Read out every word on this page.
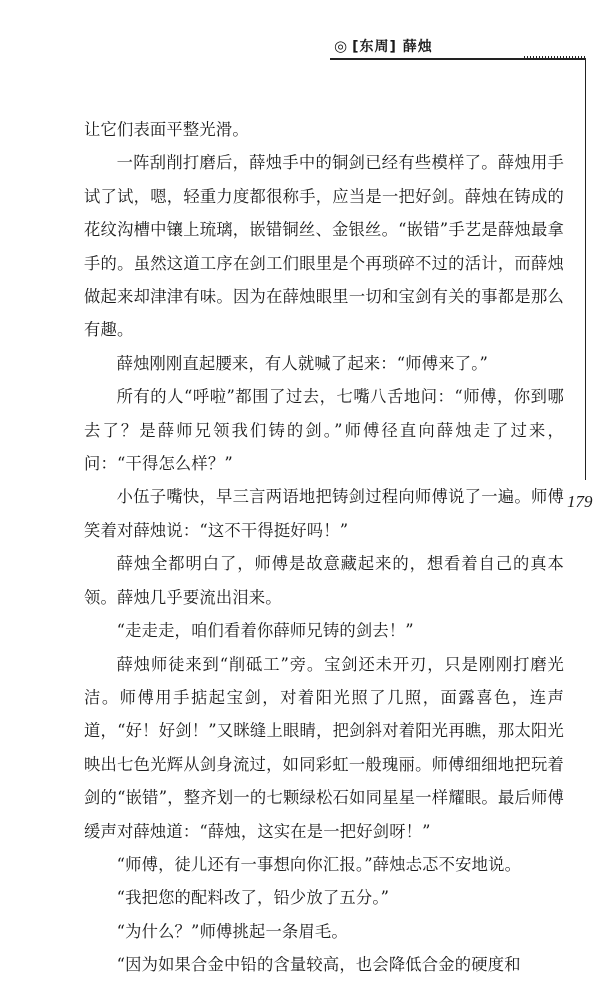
◎ [东周] 薛烛
179

让它们表面平整光滑。

一阵刮削打磨后，薛烛手中的铜剑已经有些模样了。薛烛用手试了试，嗯，轻重力度都很称手，应当是一把好剑。薛烛在铸成的花纹沟槽中镶上琉璃，嵌错铜丝、金银丝。“嵌错”手艺是薛烛最拿手的。虽然这道工序在剑工们眼里是个再琐碎不过的活计，而薛烛做起来却津津有味。因为在薛烛眼里一切和宝剑有关的事都是那么有趣。

薛烛刚刚直起腰来，有人就喊了起来：“师傅来了。”

所有的人“呼啦”都围了过去，七嘴八舌地问：“师傅，你到哪去了？是薛师兄领我们铸的剑。”师傅径直向薛烛走了过来，问：“干得怎么样？”

小伍子嘴快，早三言两语地把铸剑过程向师傅说了一遍。师傅笑着对薛烛说：“这不干得挺好吗！”

薛烛全都明白了，师傅是故意藏起来的，想看着自己的真本领。薛烛几乎要流出泪来。

“走走走，咱们看着你薛师兄铸的剑去！”

薛烛师徒来到“削砥工”旁。宝剑还未开刃，只是刚刚打磨光洁。师傅用手掂起宝剑，对着阳光照了几照，面露喜色，连声道，“好！好剑！”又眯缝上眼睛，把剑斜对着阳光再瞧，那太阳光映出七色光辉从剑身流过，如同彩虹一般瑰丽。师傅细细地把玩着剑的“嵌错”，整齐划一的七颗绿松石如同星星一样耀眼。最后师傅缓声对薛烛道：“薛烛，这实在是一把好剑呀！”

“师傅，徒儿还有一事想向你汇报。”薛烛忐忑不安地说。

“我把您的配料改了，铅少放了五分。”

“为什么？”师傅挑起一条眉毛。

“因为如果合金中铅的含量较高，也会降低合金的硬度和
